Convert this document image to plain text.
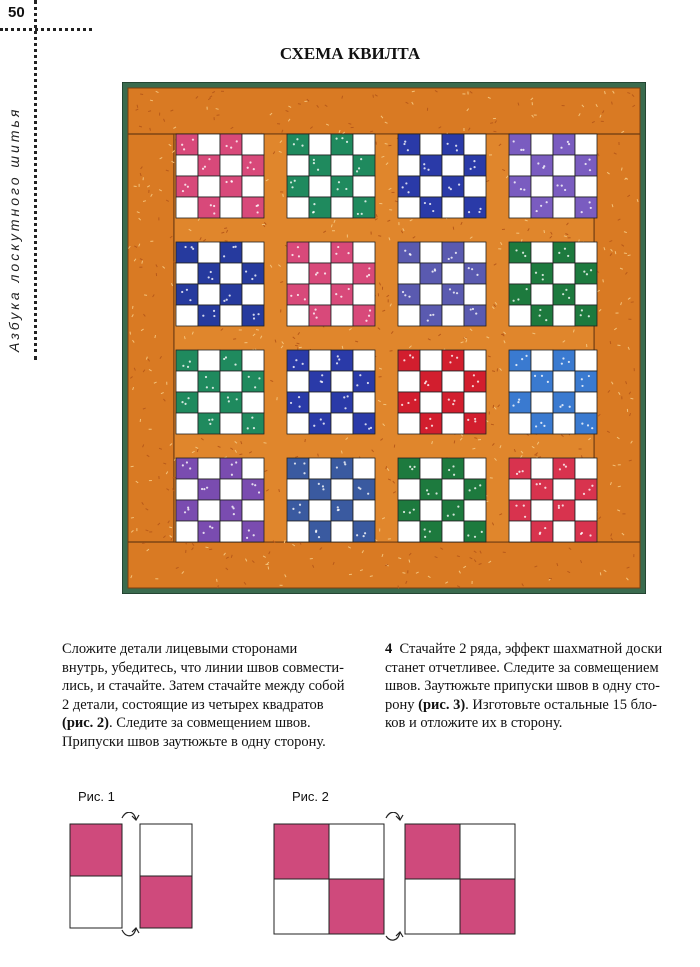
50
Азбука лоскутного шитья
СХЕМА КВИЛТА
Сложите детали лицевыми сторонами
внутрь, убедитесь, что линии швов совмести-
лись, и стачайте. Затем стачайте между собой
2 детали, состоящие из четырех квадратов
(рис. 2). Следите за совмещением швов.
Припуски швов заутюжьте в одну сторону.
4 Стачайте 2 ряда, эффект шахматной доски
станет отчетливее. Следите за совмещением
швов. Заутюжьте припуски швов в одну сто-
рону (рис. 3). Изготовьте остальные 15 бло-
ков и отложите их в сторону.
Рис. 1	Рис. 2
